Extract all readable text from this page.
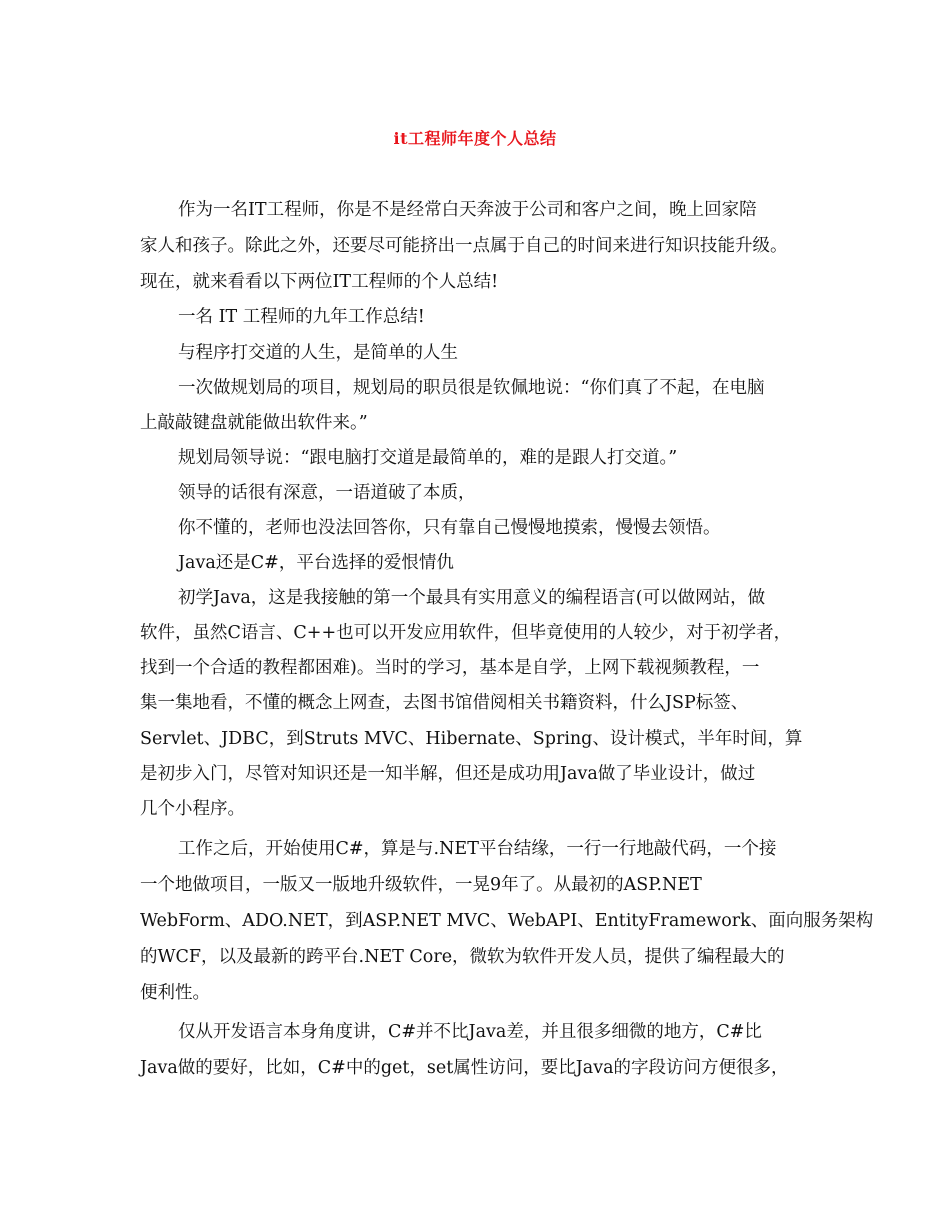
it工程师年度个人总结
作为一名IT工程师，你是不是经常白天奔波于公司和客户之间，晚上回家陪
家人和孩子。除此之外，还要尽可能挤出一点属于自己的时间来进行知识技能升级。
现在，就来看看以下两位IT工程师的个人总结!
一名 IT 工程师的九年工作总结!
与程序打交道的人生，是简单的人生
一次做规划局的项目，规划局的职员很是钦佩地说：“你们真了不起，在电脑
上敲敲键盘就能做出软件来。”
规划局领导说：“跟电脑打交道是最简单的，难的是跟人打交道。”
领导的话很有深意，一语道破了本质，
你不懂的，老师也没法回答你，只有靠自己慢慢地摸索，慢慢去领悟。
Java还是C#，平台选择的爱恨情仇
初学Java，这是我接触的第一个最具有实用意义的编程语言(可以做网站，做
软件，虽然C语言、C++也可以开发应用软件，但毕竟使用的人较少，对于初学者，
找到一个合适的教程都困难)。当时的学习，基本是自学，上网下载视频教程，一
集一集地看，不懂的概念上网查，去图书馆借阅相关书籍资料，什么JSP标签、
Servlet、JDBC，到Struts MVC、Hibernate、Spring、设计模式，半年时间，算
是初步入门，尽管对知识还是一知半解，但还是成功用Java做了毕业设计，做过
几个小程序。
工作之后，开始使用C#，算是与.NET平台结缘，一行一行地敲代码，一个接
一个地做项目，一版又一版地升级软件，一晃9年了。从最初的ASP.NET
WebForm、ADO.NET，到ASP.NET MVC、WebAPI、EntityFramework、面向服务架构
的WCF，以及最新的跨平台.NET Core，微软为软件开发人员，提供了编程最大的
便利性。
仅从开发语言本身角度讲，C#并不比Java差，并且很多细微的地方，C#比
Java做的要好，比如，C#中的get，set属性访问，要比Java的字段访问方便很多，
